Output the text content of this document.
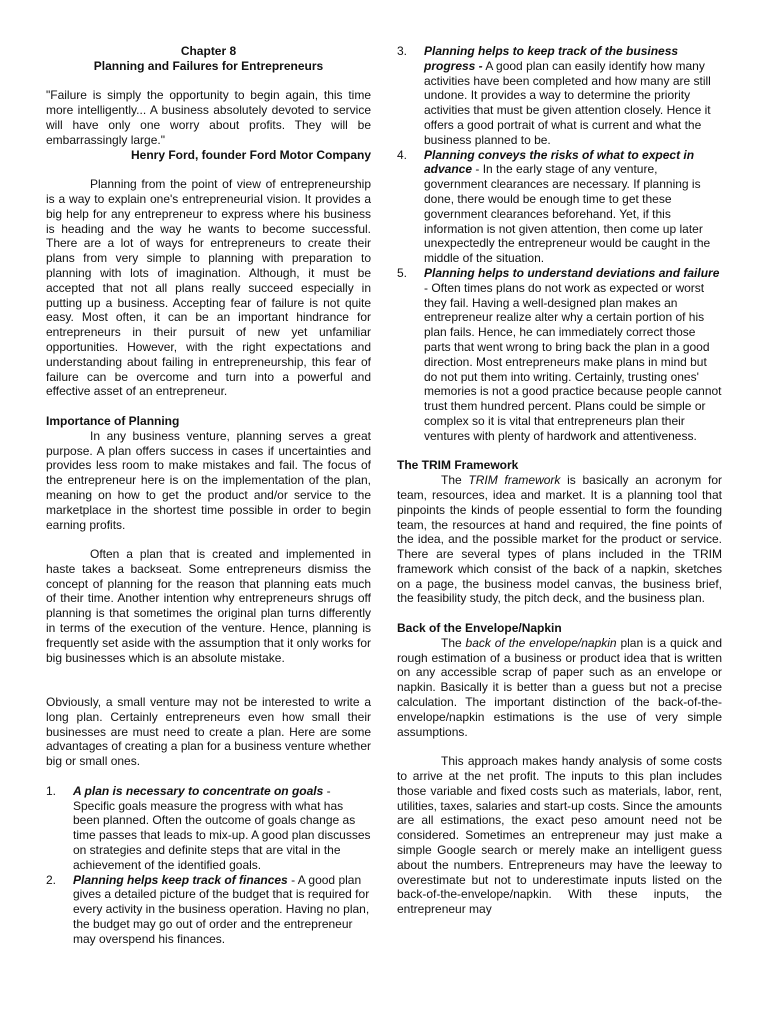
Chapter 8

Planning and Failures for Entrepreneurs

"Failure is simply the opportunity to begin again, this time more intelligently... A business absolutely devoted to service will have only one worry about profits. They will be embarrassingly large."

Henry Ford, founder Ford Motor Company

Planning from the point of view of entrepreneurship is a way to explain one's entrepreneurial vision. It provides a big help for any entrepreneur to express where his business is heading and the way he wants to become successful. There are a lot of ways for entrepreneurs to create their plans from very simple to planning with preparation to planning with lots of imagination. Although, it must be accepted that not all plans really succeed especially in putting up a business. Accepting fear of failure is not quite easy. Most often, it can be an important hindrance for entrepreneurs in their pursuit of new yet unfamiliar opportunities. However, with the right expectations and understanding about failing in entrepreneurship, this fear of failure can be overcome and turn into a powerful and effective asset of an entrepreneur.

Importance of Planning

In any business venture, planning serves a great purpose. A plan offers success in cases if uncertainties and provides less room to make mistakes and fail. The focus of the entrepreneur here is on the implementation of the plan, meaning on how to get the product and/or service to the marketplace in the shortest time possible in order to begin earning profits.

Often a plan that is created and implemented in haste takes a backseat. Some entrepreneurs dismiss the concept of planning for the reason that planning eats much of their time. Another intention why entrepreneurs shrugs off planning is that sometimes the original plan turns differently in terms of the execution of the venture. Hence, planning is frequently set aside with the assumption that it only works for big businesses which is an absolute mistake.

Obviously, a small venture may not be interested to write a long plan. Certainly entrepreneurs even how small their businesses are must need to create a plan. Here are some advantages of creating a plan for a business venture whether big or small ones.

1. A plan is necessary to concentrate on goals - Specific goals measure the progress with what has been planned. Often the outcome of goals change as time passes that leads to mix-up. A good plan discusses on strategies and definite steps that are vital in the achievement of the identified goals.
2. Planning helps keep track of finances - A good plan gives a detailed picture of the budget that is required for every activity in the business operation. Having no plan, the budget may go out of order and the entrepreneur may overspend his finances.
3. Planning helps to keep track of the business progress - A good plan can easily identify how many activities have been completed and how many are still undone. It provides a way to determine the priority activities that must be given attention closely. Hence it offers a good portrait of what is current and what the business planned to be.
4. Planning conveys the risks of what to expect in advance - In the early stage of any venture, government clearances are necessary. If planning is done, there would be enough time to get these government clearances beforehand. Yet, if this information is not given attention, then come up later unexpectedly the entrepreneur would be caught in the middle of the situation.
5. Planning helps to understand deviations and failure - Often times plans do not work as expected or worst they fail. Having a well-designed plan makes an entrepreneur realize alter why a certain portion of his plan fails. Hence, he can immediately correct those parts that went wrong to bring back the plan in a good direction. Most entrepreneurs make plans in mind but do not put them into writing. Certainly, trusting ones' memories is not a good practice because people cannot trust them hundred percent. Plans could be simple or complex so it is vital that entrepreneurs plan their ventures with plenty of hardwork and attentiveness.
The TRIM Framework

The TRIM framework is basically an acronym for team, resources, idea and market. It is a planning tool that pinpoints the kinds of people essential to form the founding team, the resources at hand and required, the fine points of the idea, and the possible market for the product or service. There are several types of plans included in the TRIM framework which consist of the back of a napkin, sketches on a page, the business model canvas, the business brief, the feasibility study, the pitch deck, and the business plan.

Back of the Envelope/Napkin

The back of the envelope/napkin plan is a quick and rough estimation of a business or product idea that is written on any accessible scrap of paper such as an envelope or napkin. Basically it is better than a guess but not a precise calculation. The important distinction of the back-of-the-envelope/napkin estimations is the use of very simple assumptions.

This approach makes handy analysis of some costs to arrive at the net profit. The inputs to this plan includes those variable and fixed costs such as materials, labor, rent, utilities, taxes, salaries and start-up costs. Since the amounts are all estimations, the exact peso amount need not be considered. Sometimes an entrepreneur may just make a simple Google search or merely make an intelligent guess about the numbers. Entrepreneurs may have the leeway to overestimate but not to underestimate inputs listed on the back-of-the-envelope/napkin. With these inputs, the entrepreneur may
